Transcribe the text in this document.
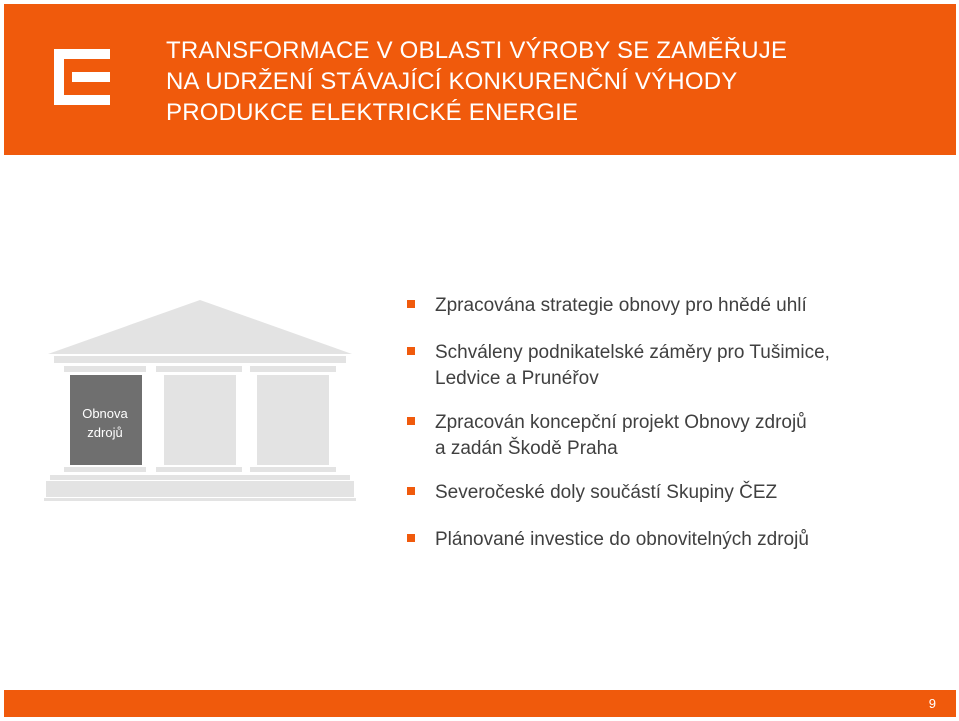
TRANSFORMACE V OBLASTI VÝROBY SE ZAMĚŘUJE
NA UDRŽENÍ STÁVAJÍCÍ KONKURENČNÍ VÝHODY
PRODUKCE ELEKTRICKÉ ENERGIE
Obnova
zdrojů
Zpracována strategie obnovy pro hnědé uhlí
Schváleny podnikatelské záměry pro Tušimice,
Ledvice a Prunéřov
Zpracován koncepční projekt Obnovy zdrojů
a zadán Škodě Praha
Severočeské doly součástí Skupiny ČEZ
Plánované investice do obnovitelných zdrojů
9
